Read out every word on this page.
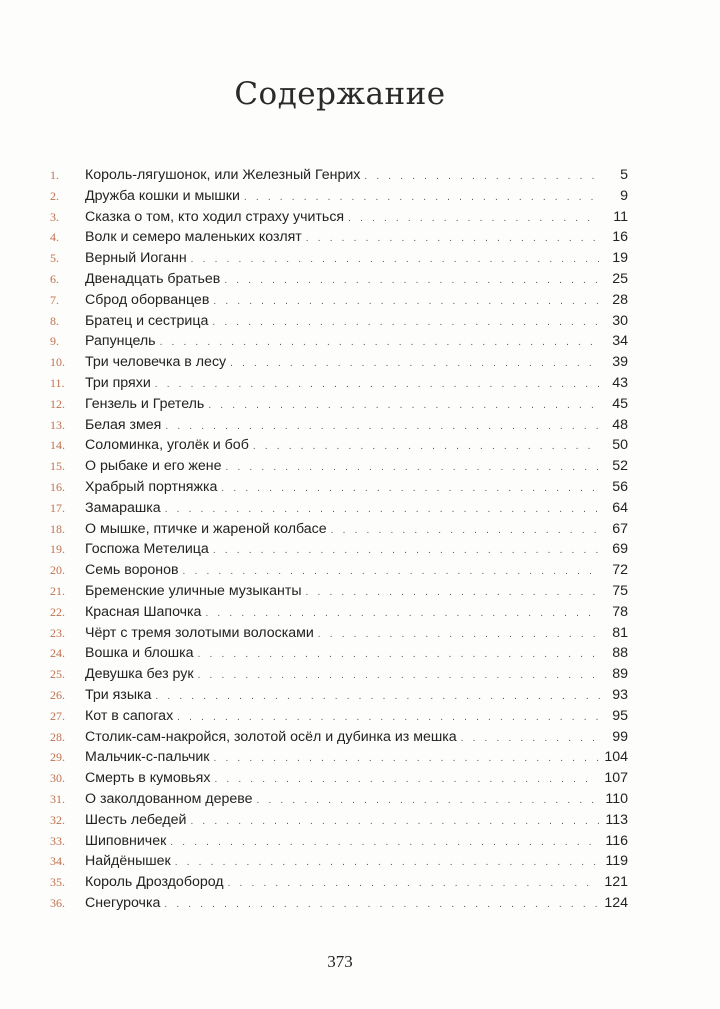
Содержание
1.	Король-лягушонок, или Железный Генрих . . .	5
2.	Дружба кошки и мышки . . .	9
3.	Сказка о том, кто ходил страху учиться . . .	11
4.	Волк и семеро маленьких козлят . . .	16
5.	Верный Иоганн . . .	19
6.	Двенадцать братьев . . .	25
7.	Сброд оборванцев . . .	28
8.	Братец и сестрица . . .	30
9.	Рапунцель . . .	34
10.	Три человечка в лесу . . .	39
11.	Три пряхи . . .	43
12.	Гензель и Гретель . . .	45
13.	Белая змея . . .	48
14.	Соломинка, уголёк и боб . . .	50
15.	О рыбаке и его жене . . .	52
16.	Храбрый портняжка . . .	56
17.	Замарашка . . .	64
18.	О мышке, птичке и жареной колбасе . . .	67
19.	Госпожа Метелица . . .	69
20.	Семь воронов . . .	72
21.	Бременские уличные музыканты . . .	75
22.	Красная Шапочка . . .	78
23.	Чёрт с тремя золотыми волосками . . .	81
24.	Вошка и блошка . . .	88
25.	Девушка без рук . . .	89
26.	Три языка . . .	93
27.	Кот в сапогах . . .	95
28.	Столик-сам-накройся, золотой осёл и дубинка из мешка . . .	99
29.	Мальчик-с-пальчик . . .	104
30.	Смерть в кумовьях . . .	107
31.	О заколдованном дереве . . .	110
32.	Шесть лебедей . . .	113
33.	Шиповничек . . .	116
34.	Найдёнышек . . .	119
35.	Король Дроздобород . . .	121
36.	Снегурочка . . .	124
373
